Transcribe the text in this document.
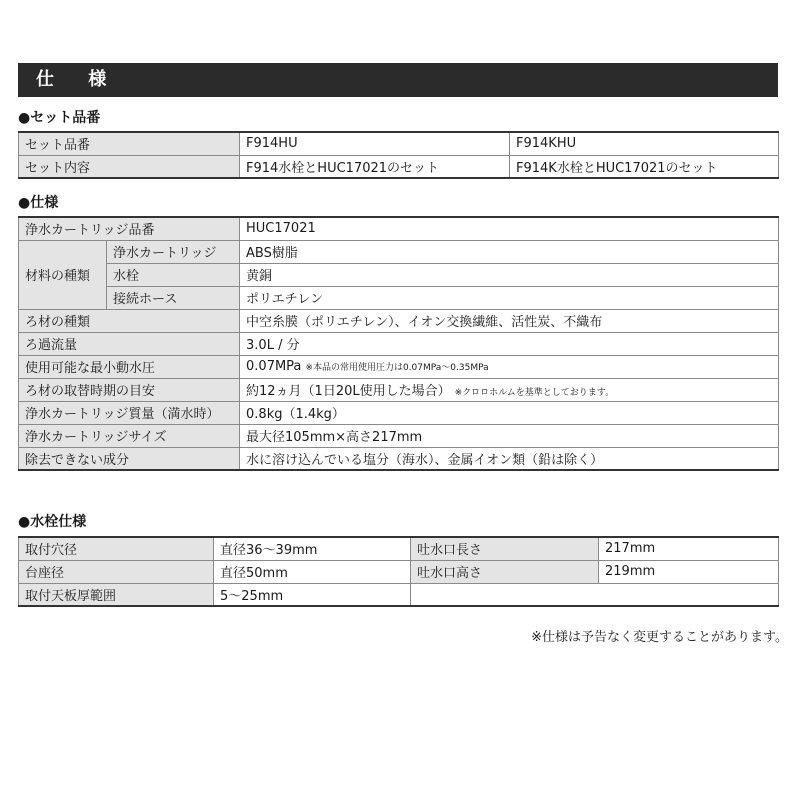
仕 様
●セット品番
セット品番	F914HU	F914KHU
セット内容	F914水栓とHUC17021のセット	F914K水栓とHUC17021のセット
●仕様
浄水カートリッジ品番		HUC17021
材料の種類	浄水カートリッジ	ABS樹脂
	水栓	黄銅
	接続ホース	ポリエチレン
ろ材の種類		中空糸膜（ポリエチレン）、イオン交換繊維、活性炭、不織布
ろ過流量		3.0L / 分
使用可能な最小動水圧		0.07MPa ※本品の常用使用圧力は0.07MPa～0.35MPa
ろ材の取替時期の目安		約12ヵ月（1日20L使用した場合） ※クロロホルムを基準としております。
浄水カートリッジ質量（満水時）		0.8kg（1.4kg）
浄水カートリッジサイズ		最大径105mm×高さ217mm
除去できない成分		水に溶け込んでいる塩分（海水）、金属イオン類（鉛は除く）
●水栓仕様
取付穴径	直径36～39mm	吐水口長さ	217mm
台座径	直径50mm	吐水口高さ	219mm
取付天板厚範囲	5～25mm		
※仕様は予告なく変更することがあります。
